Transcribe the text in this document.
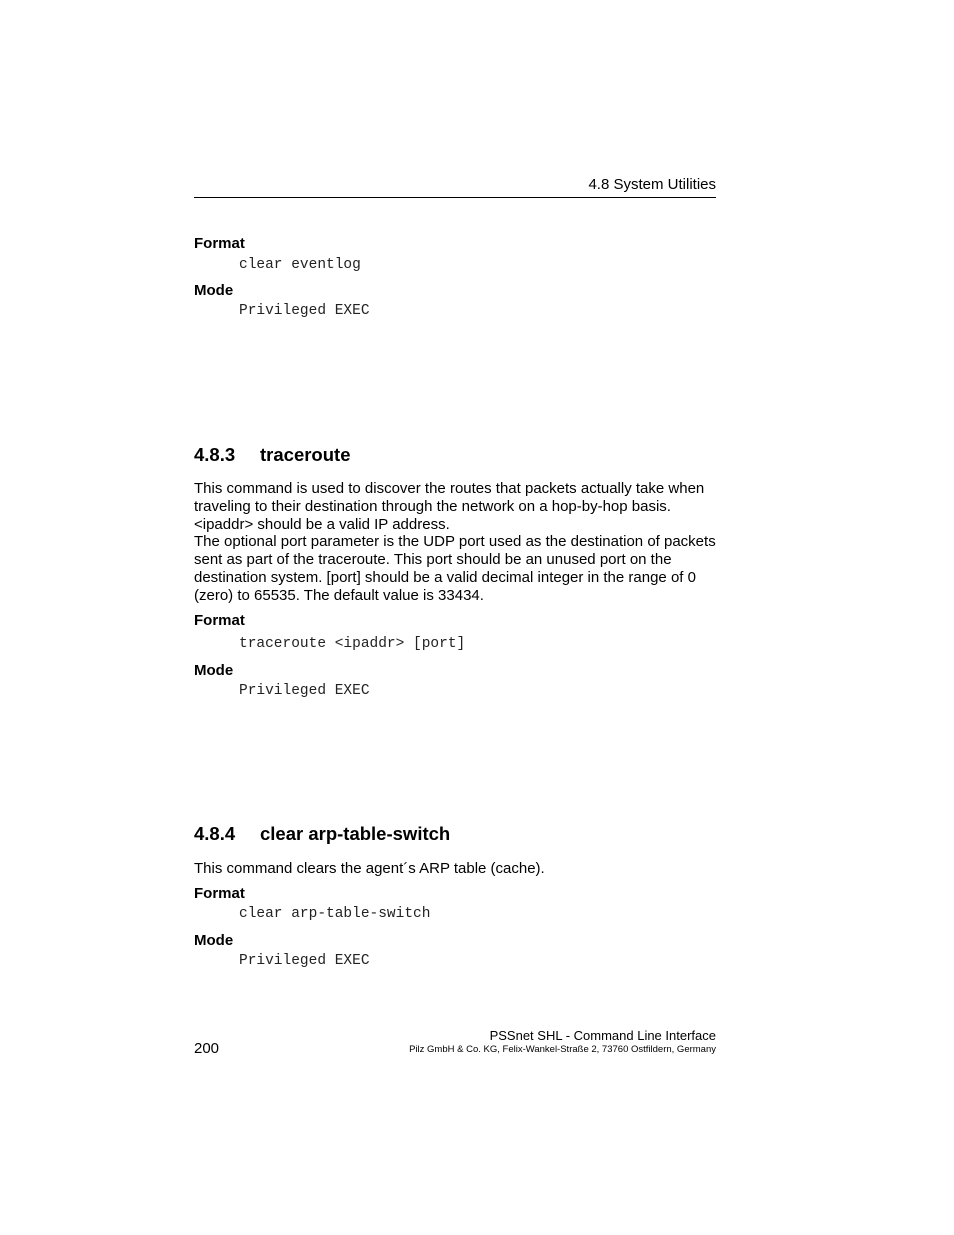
4.8 System Utilities
Format
clear eventlog
Mode
Privileged EXEC
4.8.3 traceroute

This command is used to discover the routes that packets actually take when traveling to their destination through the network on a hop-by-hop basis. <ipaddr> should be a valid IP address.

The optional port parameter is the UDP port used as the destination of packets sent as part of the traceroute. This port should be an unused port on the destination system. [port] should be a valid decimal integer in the range of 0 (zero) to 65535. The default value is 33434.

Format
traceroute <ipaddr> [port]
Mode
Privileged EXEC
4.8.4 clear arp-table-switch
This command clears the agent´s ARP table (cache).
Format
clear arp-table-switch
Mode
Privileged EXEC
200
PSSnet SHL - Command Line Interface
Pilz GmbH & Co. KG, Felix-Wankel-Straße 2, 73760 Ostfildern, Germany
